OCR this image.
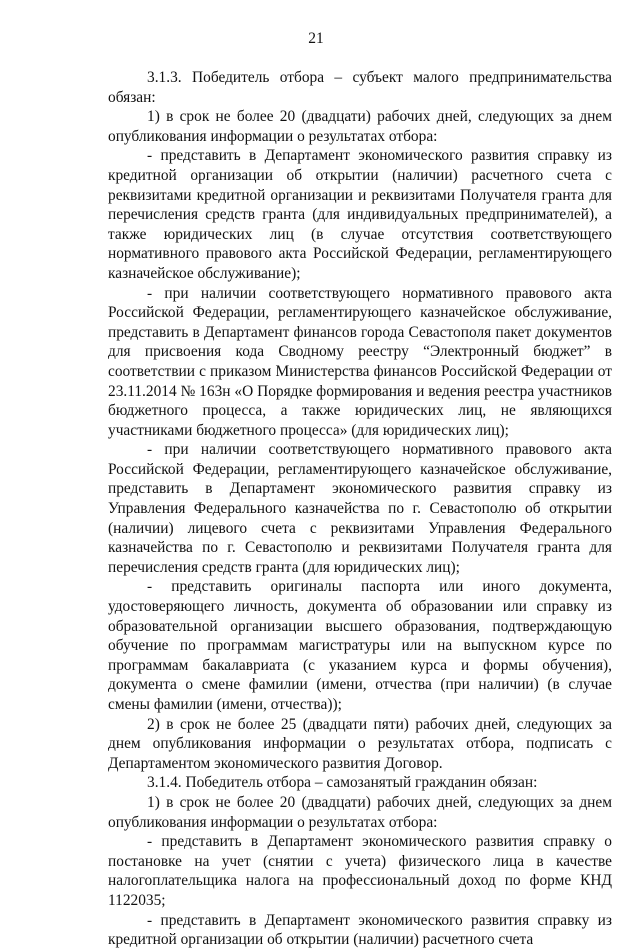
21

3.1.3. Победитель отбора – субъект малого предпринимательства обязан:

1) в срок не более 20 (двадцати) рабочих дней, следующих за днем опубликования информации о результатах отбора:

- представить в Департамент экономического развития справку из кредитной организации об открытии (наличии) расчетного счета с реквизитами кредитной организации и реквизитами Получателя гранта для перечисления средств гранта (для индивидуальных предпринимателей), а также юридических лиц (в случае отсутствия соответствующего нормативного правового акта Российской Федерации, регламентирующего казначейское обслуживание);

- при наличии соответствующего нормативного правового акта Российской Федерации, регламентирующего казначейское обслуживание, представить в Департамент финансов города Севастополя пакет документов для присвоения кода Сводному реестру “Электронный бюджет” в соответствии с приказом Министерства финансов Российской Федерации от 23.11.2014 № 163н «О Порядке формирования и ведения реестра участников бюджетного процесса, а также юридических лиц, не являющихся участниками бюджетного процесса» (для юридических лиц);

- при наличии соответствующего нормативного правового акта Российской Федерации, регламентирующего казначейское обслуживание, представить в Департамент экономического развития справку из Управления Федерального казначейства по г. Севастополю об открытии (наличии) лицевого счета с реквизитами Управления Федерального казначейства по г. Севастополю и реквизитами Получателя гранта для перечисления средств гранта (для юридических лиц);

- представить оригиналы паспорта или иного документа, удостоверяющего личность, документа об образовании или справку из образовательной организации высшего образования, подтверждающую обучение по программам магистратуры или на выпускном курсе по программам бакалавриата (с указанием курса и формы обучения), документа о смене фамилии (имени, отчества (при наличии) (в случае смены фамилии (имени, отчества));

2) в срок не более 25 (двадцати пяти) рабочих дней, следующих за днем опубликования информации о результатах отбора, подписать с Департаментом экономического развития Договор.

3.1.4. Победитель отбора – самозанятый гражданин обязан:

1) в срок не более 20 (двадцати) рабочих дней, следующих за днем опубликования информации о результатах отбора:

- представить в Департамент экономического развития справку о постановке на учет (снятии с учета) физического лица в качестве налогоплательщика налога на профессиональный доход по форме КНД 1122035;

- представить в Департамент экономического развития справку из кредитной организации об открытии (наличии) расчетного счета
